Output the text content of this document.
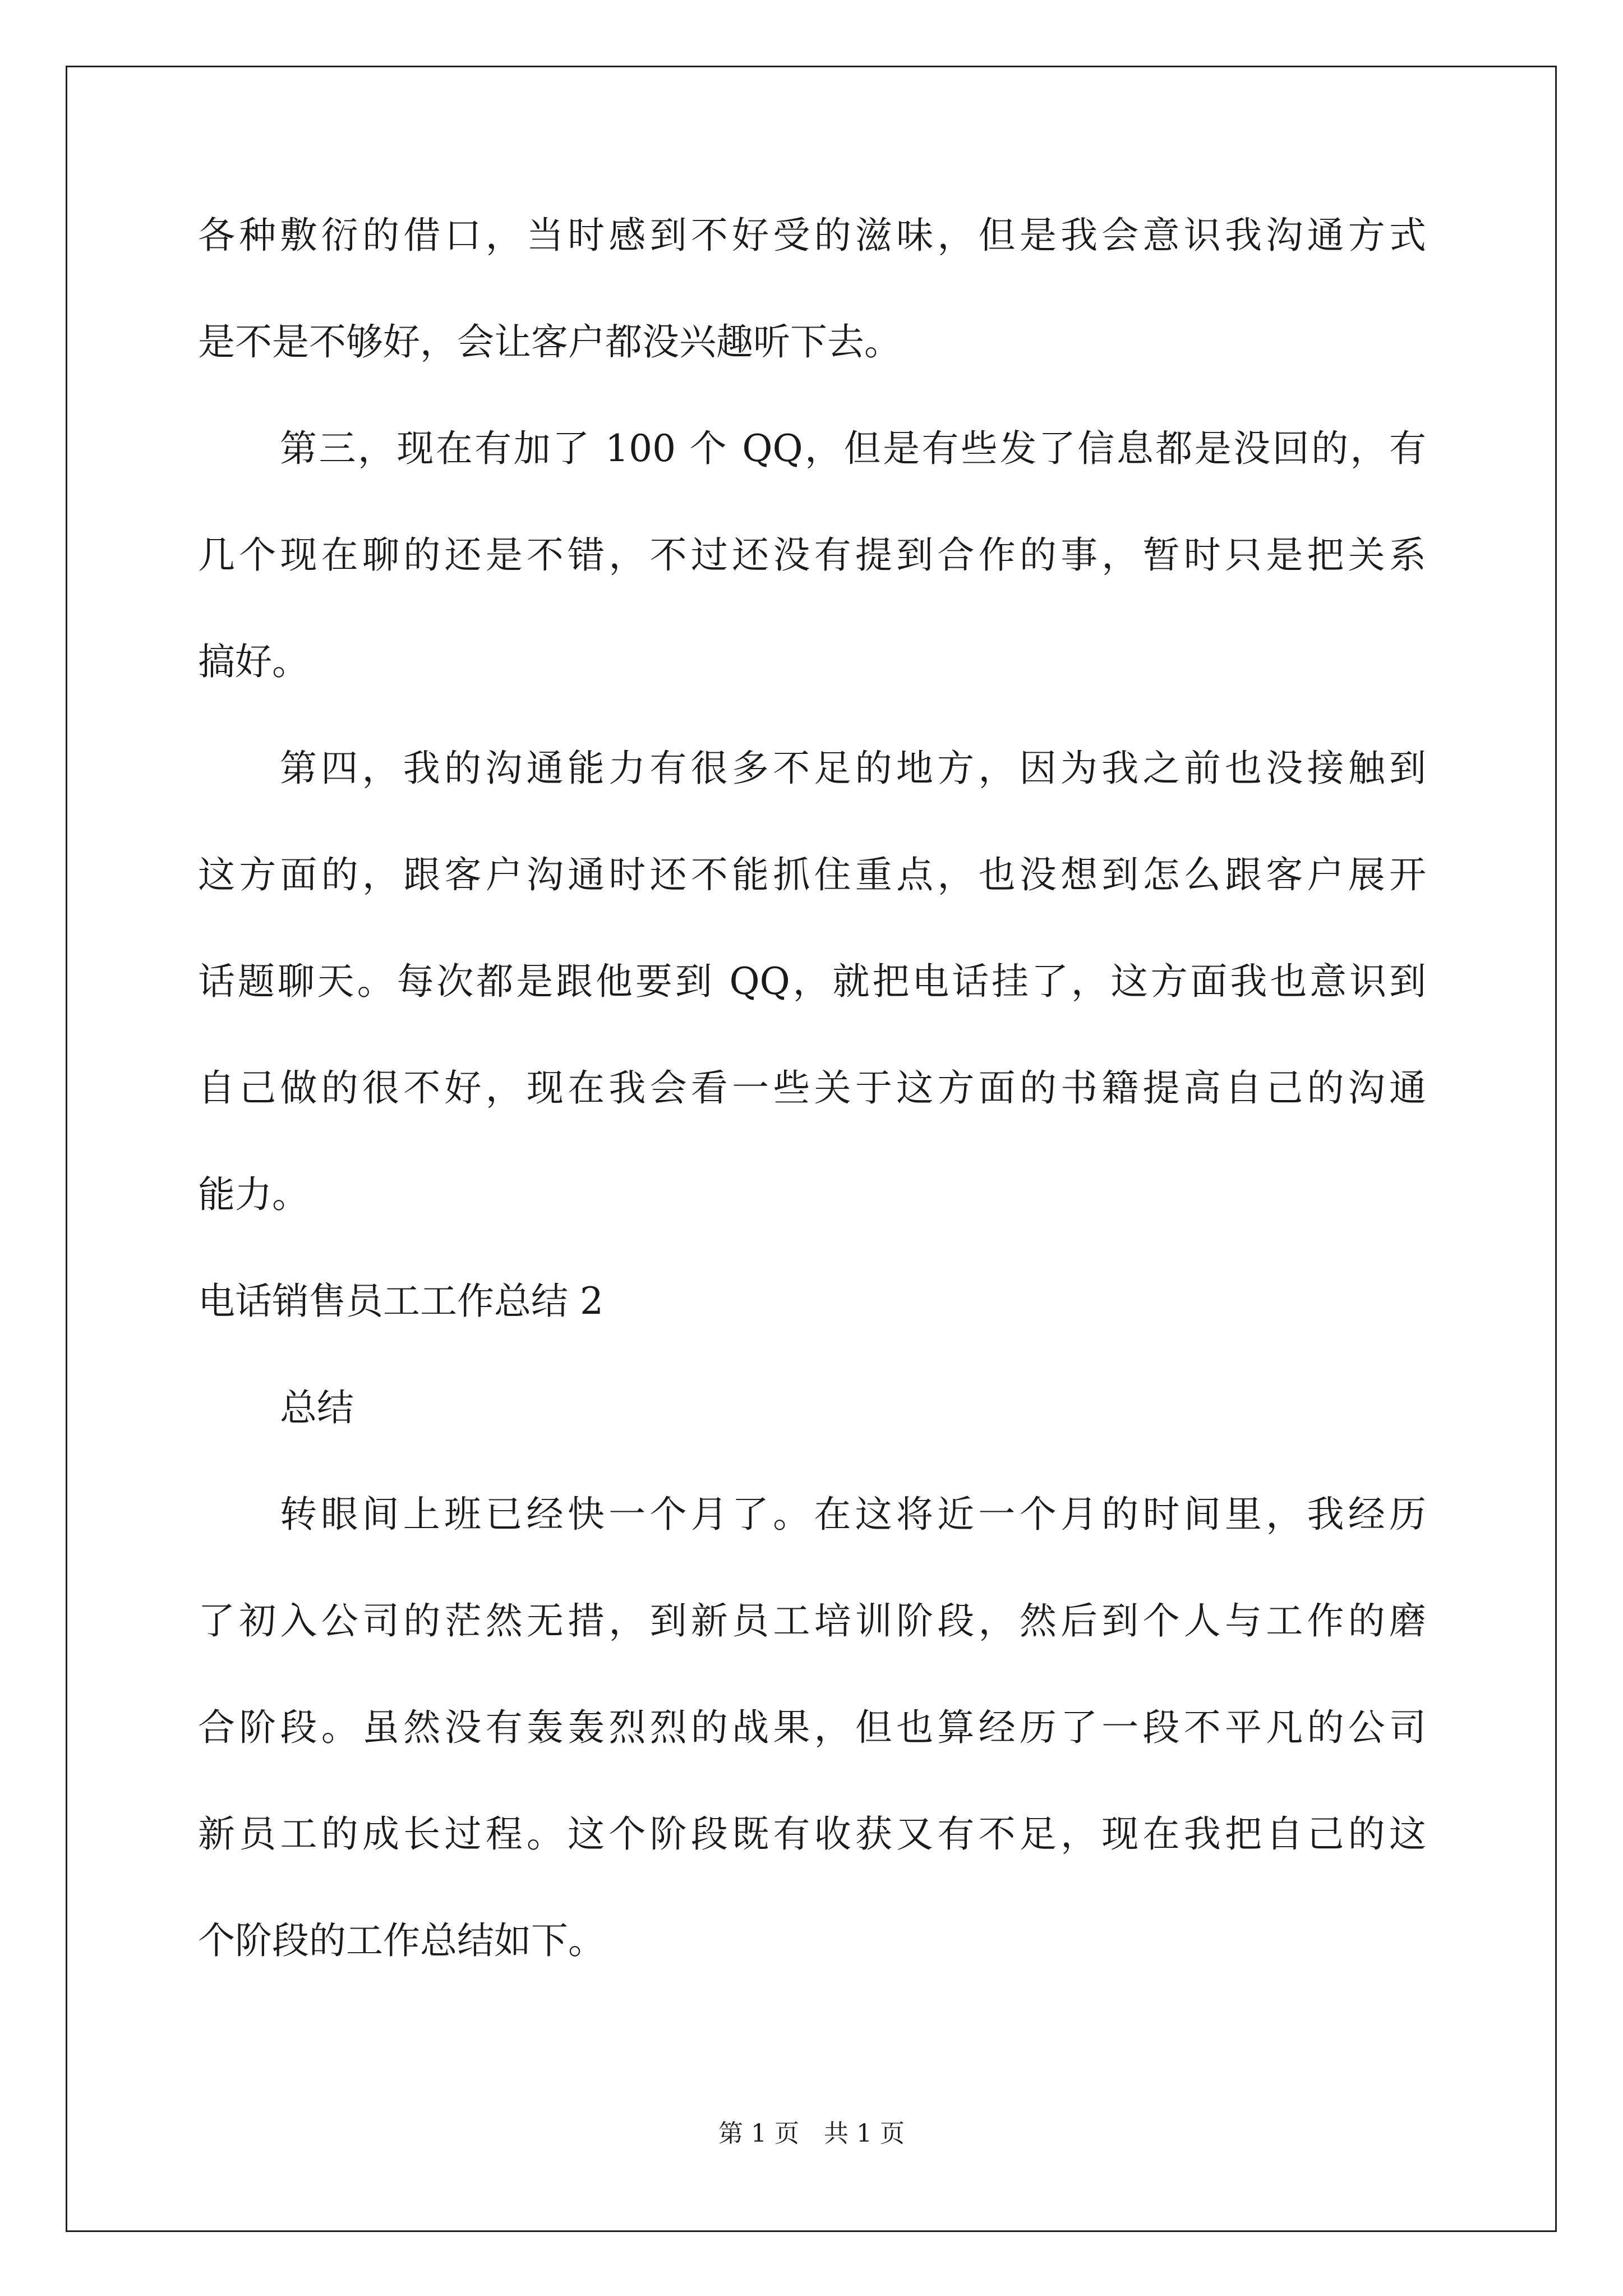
各种敷衍的借口，当时感到不好受的滋味，但是我会意识我沟通方式
是不是不够好，会让客户都没兴趣听下去。
第三，现在有加了 100 个 QQ，但是有些发了信息都是没回的，有
几个现在聊的还是不错，不过还没有提到合作的事，暂时只是把关系
搞好。
第四，我的沟通能力有很多不足的地方，因为我之前也没接触到
这方面的，跟客户沟通时还不能抓住重点，也没想到怎么跟客户展开
话题聊天。每次都是跟他要到 QQ，就把电话挂了，这方面我也意识到
自己做的很不好，现在我会看一些关于这方面的书籍提高自己的沟通
能力。
电话销售员工工作总结 2
总结
转眼间上班已经快一个月了。在这将近一个月的时间里，我经历
了初入公司的茫然无措，到新员工培训阶段，然后到个人与工作的磨
合阶段。虽然没有轰轰烈烈的战果，但也算经历了一段不平凡的公司
新员工的成长过程。这个阶段既有收获又有不足，现在我把自己的这
个阶段的工作总结如下。
第 1 页　共 1 页
